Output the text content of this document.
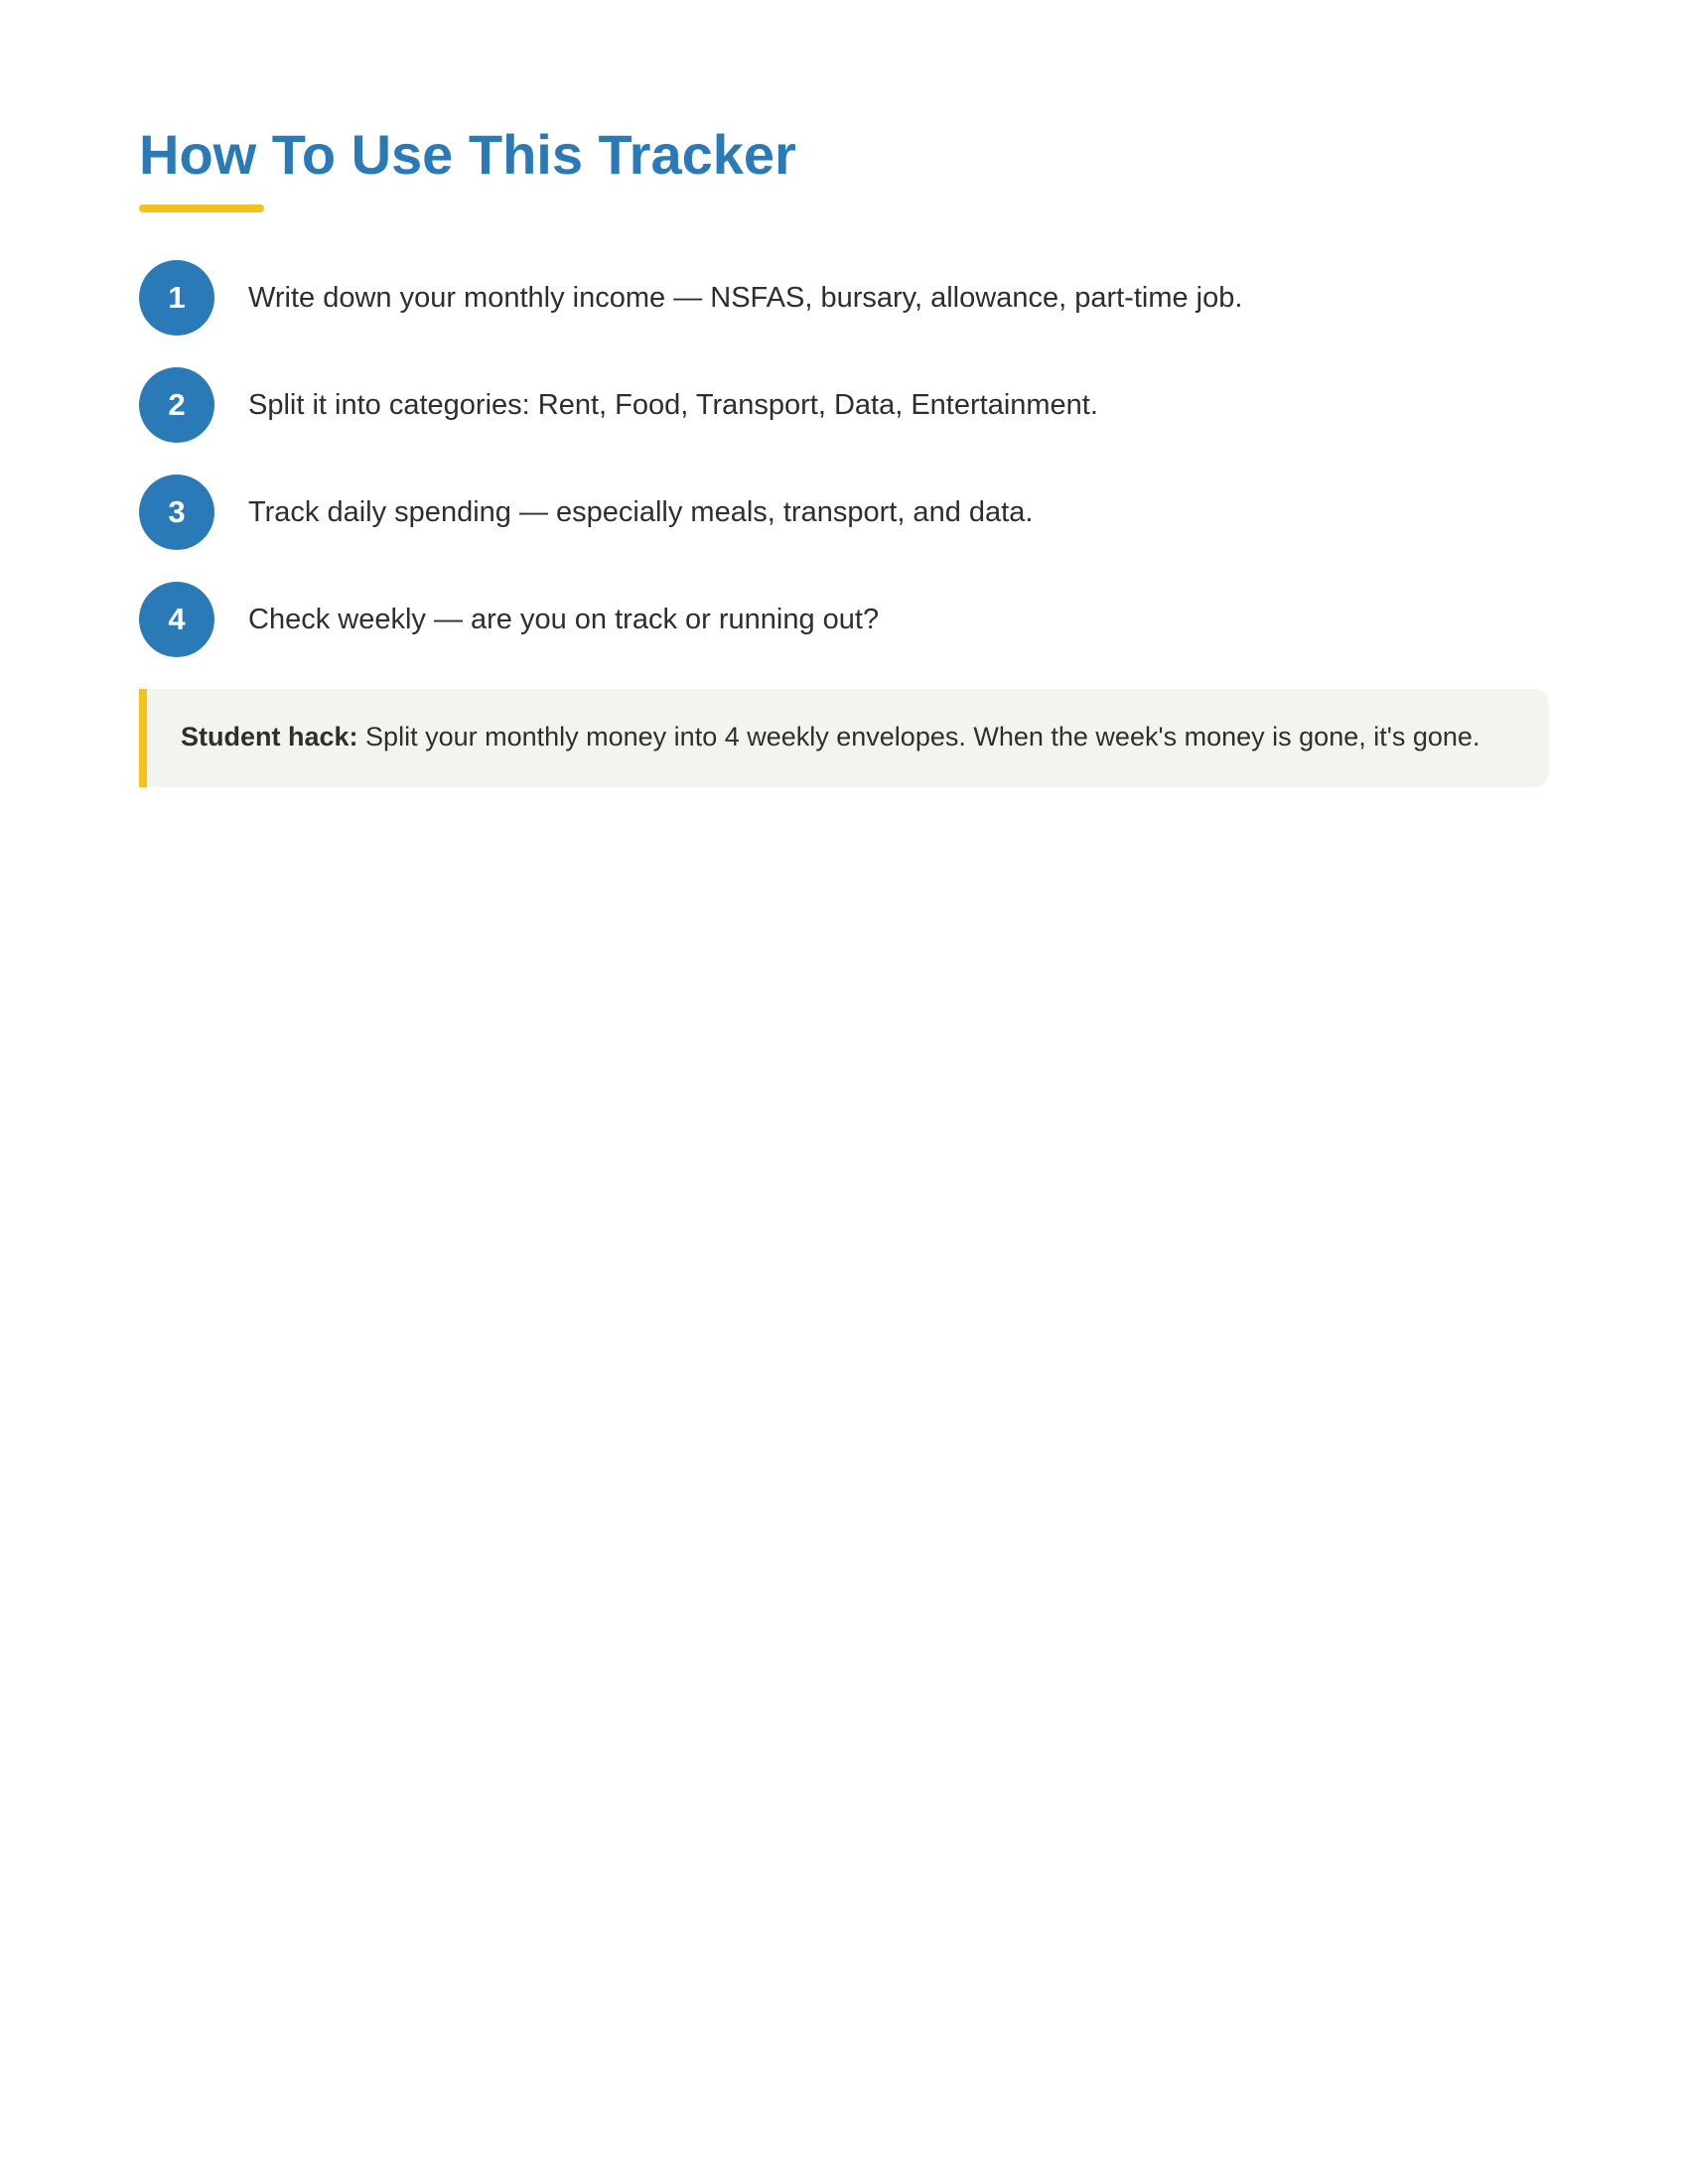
How To Use This Tracker
1	Write down your monthly income — NSFAS, bursary, allowance, part-time job.
2	Split it into categories: Rent, Food, Transport, Data, Entertainment.
3	Track daily spending — especially meals, transport, and data.
4	Check weekly — are you on track or running out?
Student hack: Split your monthly money into 4 weekly envelopes. When the week's money is gone, it's gone.
